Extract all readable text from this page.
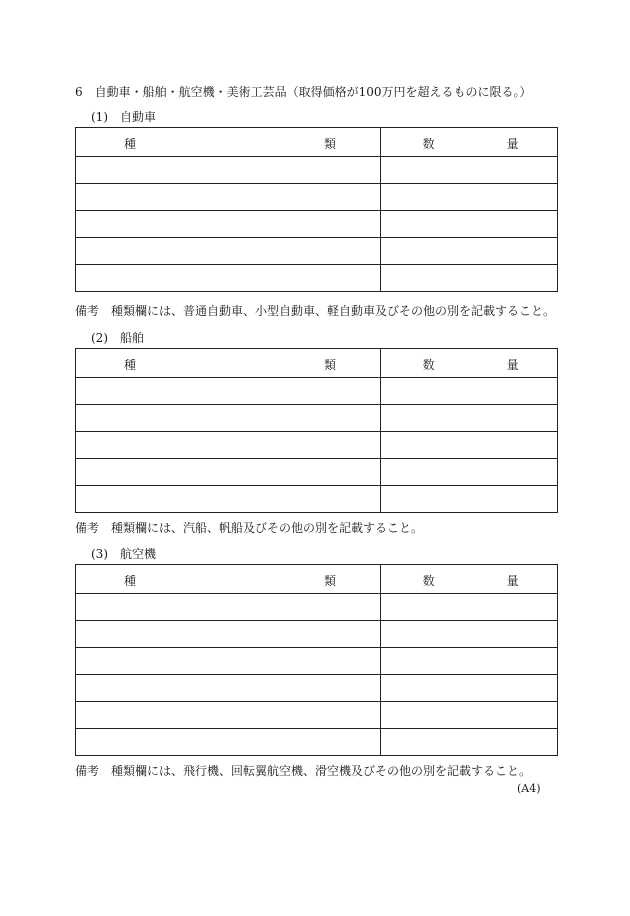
6　自動車・船舶・航空機・美術工芸品（取得価格が100万円を超えるものに限る。）
(1)　自動車
種 類	数 量

備考 種類欄には、普通自動車、小型自動車、軽自動車及びその他の別を記載すること。
(2)　船舶
種 類	数 量

備考 種類欄には、汽船、帆船及びその他の別を記載すること。
(3)　航空機
種 類	数 量

備考 種類欄には、飛行機、回転翼航空機、滑空機及びその他の別を記載すること。
(A4)
